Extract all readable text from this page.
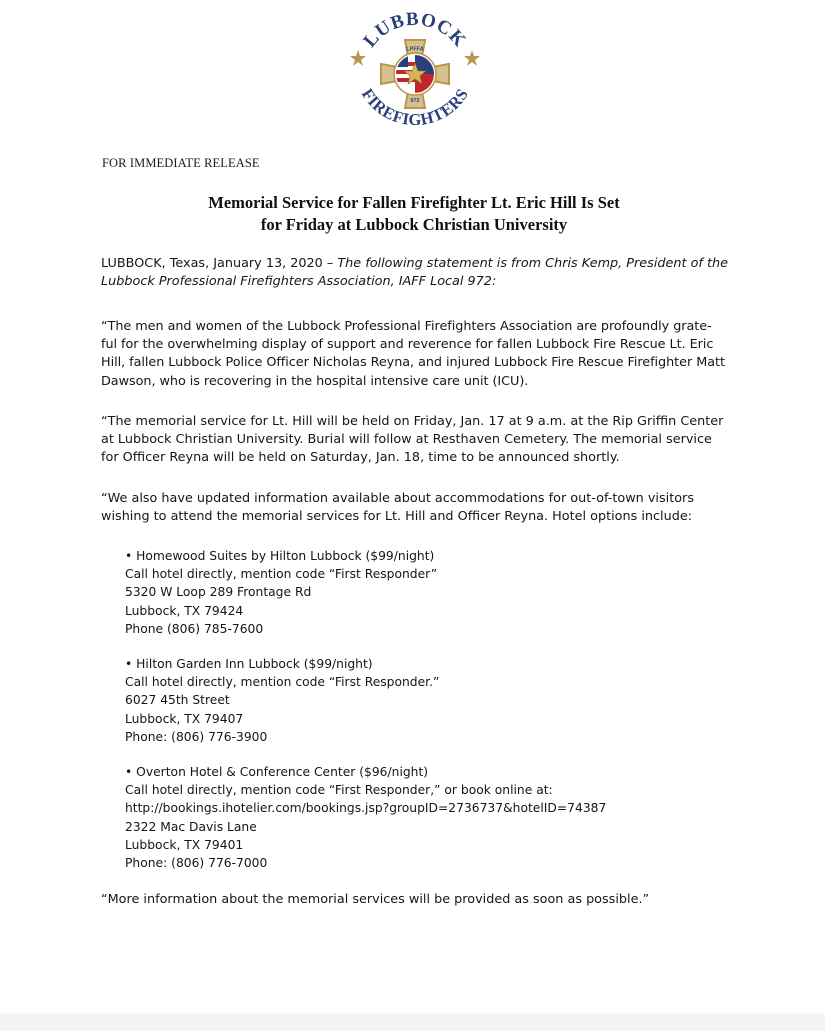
LUBBOCK
FIREFIGHTERS
LPFFA
972
FOR IMMEDIATE RELEASE
Memorial Service for Fallen Firefighter Lt. Eric Hill Is Set
for Friday at Lubbock Christian University
LUBBOCK, Texas, January 13, 2020 – The following statement is from Chris Kemp, President of the Lubbock Professional Firefighters Association, IAFF Local 972:
“The men and women of the Lubbock Professional Firefighters Association are profoundly grate- ful for the overwhelming display of support and reverence for fallen Lubbock Fire Rescue Lt. Eric Hill, fallen Lubbock Police Officer Nicholas Reyna, and injured Lubbock Fire Rescue Firefighter Matt Dawson, who is recovering in the hospital intensive care unit (ICU).
“The memorial service for Lt. Hill will be held on Friday, Jan. 17 at 9 a.m. at the Rip Griffin Center at Lubbock Christian University. Burial will follow at Resthaven Cemetery. The memorial service for Officer Reyna will be held on Saturday, Jan. 18, time to be announced shortly.
“We also have updated information available about accommodations for out-of-town visitors wishing to attend the memorial services for Lt. Hill and Officer Reyna. Hotel options include:
• Homewood Suites by Hilton Lubbock ($99/night)
Call hotel directly, mention code “First Responder”
5320 W Loop 289 Frontage Rd
Lubbock, TX 79424
Phone (806) 785-7600
• Hilton Garden Inn Lubbock ($99/night)
Call hotel directly, mention code “First Responder.”
6027 45th Street
Lubbock, TX 79407
Phone: (806) 776-3900
• Overton Hotel & Conference Center ($96/night)
Call hotel directly, mention code “First Responder,” or book online at:
http://bookings.ihotelier.com/bookings.jsp?groupID=2736737&hotelID=74387
2322 Mac Davis Lane
Lubbock, TX 79401
Phone: (806) 776-7000
“More information about the memorial services will be provided as soon as possible.”
